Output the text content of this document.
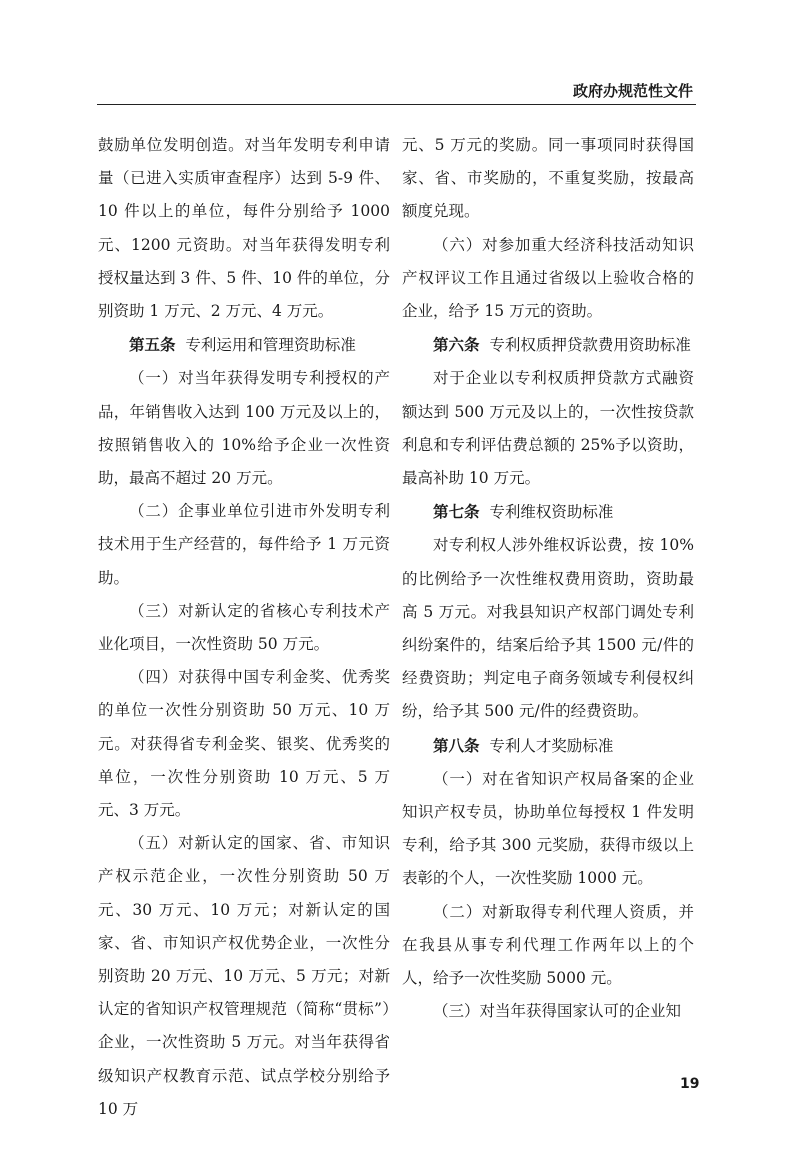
政府办规范性文件

鼓励单位发明创造。对当年发明专利申请量（已进入实质审查程序）达到 5-9 件、10 件以上的单位，每件分别给予 1000 元、1200 元资助。对当年获得发明专利授权量达到 3 件、5 件、10 件的单位，分别资助 1 万元、2 万元、4 万元。

第五条 专利运用和管理资助标准

（一）对当年获得发明专利授权的产品，年销售收入达到 100 万元及以上的，按照销售收入的 10%给予企业一次性资助，最高不超过 20 万元。

（二）企事业单位引进市外发明专利技术用于生产经营的，每件给予 1 万元资助。

（三）对新认定的省核心专利技术产业化项目，一次性资助 50 万元。

（四）对获得中国专利金奖、优秀奖的单位一次性分别资助 50 万元、10 万元。对获得省专利金奖、银奖、优秀奖的单位，一次性分别资助 10 万元、5 万元、3 万元。

（五）对新认定的国家、省、市知识产权示范企业，一次性分别资助 50 万元、30 万元、10 万元；对新认定的国家、省、市知识产权优势企业，一次性分别资助 20 万元、10 万元、5 万元；对新认定的省知识产权管理规范（简称“贯标”）企业，一次性资助 5 万元。对当年获得省级知识产权教育示范、试点学校分别给予 10 万

元、5 万元的奖励。同一事项同时获得国家、省、市奖励的，不重复奖励，按最高额度兑现。

（六）对参加重大经济科技活动知识产权评议工作且通过省级以上验收合格的企业，给予 15 万元的资助。

第六条 专利权质押贷款费用资助标准

对于企业以专利权质押贷款方式融资额达到 500 万元及以上的，一次性按贷款利息和专利评估费总额的 25%予以资助，最高补助 10 万元。

第七条 专利维权资助标准

对专利权人涉外维权诉讼费，按 10%的比例给予一次性维权费用资助，资助最高 5 万元。对我县知识产权部门调处专利纠纷案件的，结案后给予其 1500 元/件的经费资助；判定电子商务领域专利侵权纠纷，给予其 500 元/件的经费资助。

第八条 专利人才奖励标准

（一）对在省知识产权局备案的企业知识产权专员，协助单位每授权 1 件发明专利，给予其 300 元奖励，获得市级以上表彰的个人，一次性奖励 1000 元。

（二）对新取得专利代理人资质，并在我县从事专利代理工作两年以上的个人，给予一次性奖励 5000 元。

（三）对当年获得国家认可的企业知

19
